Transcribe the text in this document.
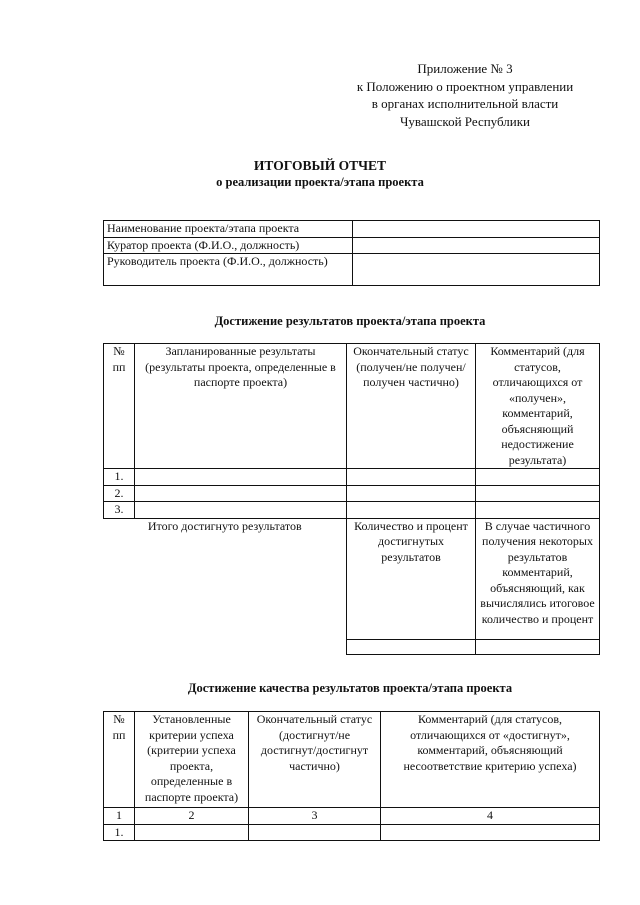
Приложение № 3
к Положению о проектном управлении
в органах исполнительной власти
Чувашской Республики
ИТОГОВЫЙ ОТЧЕТ
о реализации проекта/этапа проекта
Наименование проекта/этапа проекта	
Куратор проекта (Ф.И.О., должность)	
Руководитель проекта (Ф.И.О., должность)	
Достижение результатов проекта/этапа проекта
№ пп	Запланированные результаты (результаты проекта, определенные в паспорте проекта)	Окончательный статус (получен/не получен/получен частично)	Комментарий (для статусов, отличающихся от «получен», комментарий, объясняющий недостижение результата)
1.			
2.			
3.			
Итого достигнуто результатов		Количество и процент достигнутых результатов	В случае частичного получения некоторых результатов комментарий, объясняющий, как вычислялись итоговое количество и процент

Достижение качества результатов проекта/этапа проекта
№ пп	Установленные критерии успеха (критерии успеха проекта, определенные в паспорте проекта)	Окончательный статус (достигнут/не достигнут/достигнут частично)	Комментарий (для статусов, отличающихся от «достигнут», комментарий, объясняющий несоответствие критерию успеха)
1	2	3	4
1.			
